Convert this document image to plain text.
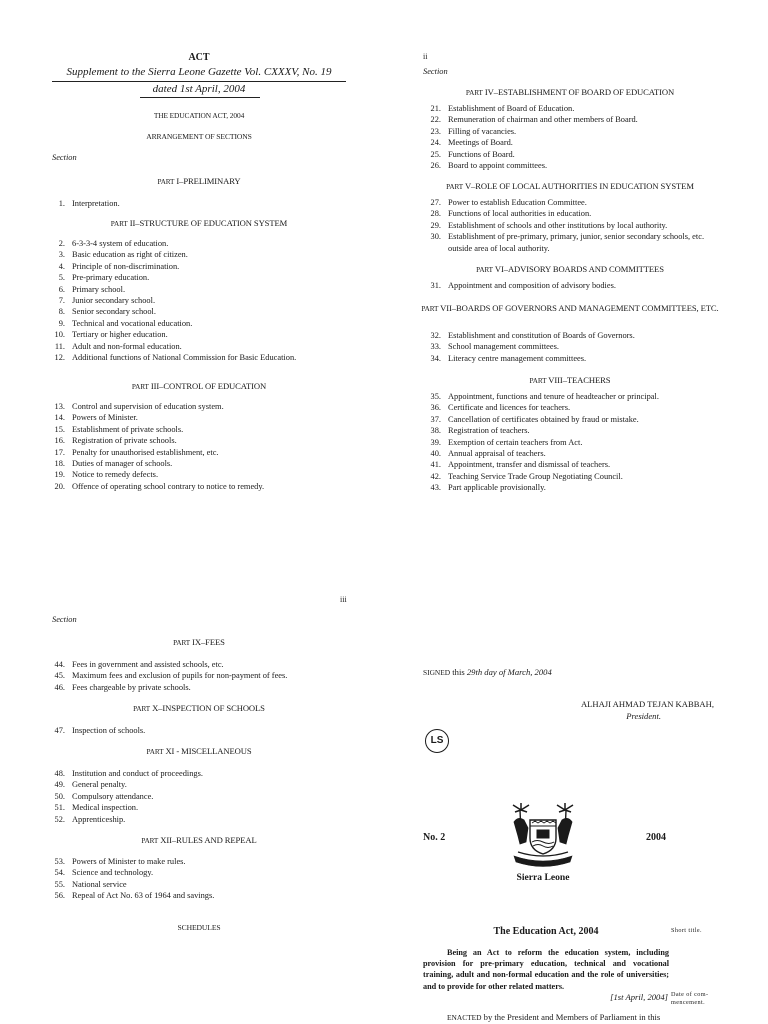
ACT
Supplement to the Sierra Leone Gazette Vol. CXXXV, No. 19
dated 1st April, 2004
THE EDUCATION ACT, 2004
ARRANGEMENT OF SECTIONS
Section
PART I–PRELIMINARY
1. Interpretation.
PART II–STRUCTURE OF EDUCATION SYSTEM
2. 6-3-3-4 system of education.
3. Basic education as right of citizen.
4. Principle of non-discrimination.
5. Pre-primary education.
6. Primary school.
7. Junior secondary school.
8. Senior secondary school.
9. Technical and vocational education.
10. Tertiary or higher education.
11. Adult and non-formal education.
12. Additional functions of National Commission for Basic Education.
PART III–CONTROL OF EDUCATION
13. Control and supervision of education system.
14. Powers of Minister.
15. Establishment of private schools.
16. Registration of private schools.
17. Penalty for unauthorised establishment, etc.
18. Duties of manager of schools.
19. Notice to remedy defects.
20. Offence of operating school contrary to notice to remedy.
ii
Section
PART IV–ESTABLISHMENT OF BOARD OF EDUCATION
21. Establishment of Board of Education.
22. Remuneration of chairman and other members of Board.
23. Filling of vacancies.
24. Meetings of Board.
25. Functions of Board.
26. Board to appoint committees.
PART V–ROLE OF LOCAL AUTHORITIES IN EDUCATION SYSTEM
27. Power to establish Education Committee.
28. Functions of local authorities in education.
29. Establishment of schools and other institutions by local authority.
30. Establishment of pre-primary, primary, junior, senior secondary schools, etc. outside area of local authority.
PART VI–ADVISORY BOARDS AND COMMITTEES
31. Appointment and composition of advisory bodies.
PART VII–BOARDS OF GOVERNORS AND MANAGEMENT COMMITTEES, ETC.
32. Establishment and constitution of Boards of Governors.
33. School management committees.
34. Literacy centre management committees.
PART VIII–TEACHERS
35. Appointment, functions and tenure of headteacher or principal.
36. Certificate and licences for teachers.
37. Cancellation of certificates obtained by fraud or mistake.
38. Registration of teachers.
39. Exemption of certain teachers from Act.
40. Annual appraisal of teachers.
41. Appointment, transfer and dismissal of teachers.
42. Teaching Service Trade Group Negotiating Council.
43. Part applicable provisionally.
iii
Section
PART IX–FEES
44. Fees in government and assisted schools, etc.
45. Maximum fees and exclusion of pupils for non-payment of fees.
46. Fees chargeable by private schools.
PART X–INSPECTION OF SCHOOLS
47. Inspection of schools.
PART XI - MISCELLANEOUS
48. Institution and conduct of proceedings.
49. General penalty.
50. Compulsory attendance.
51. Medical inspection.
52. Apprenticeship.
PART XII–RULES AND REPEAL
53. Powers of Minister to make rules.
54. Science and technology.
55. National service
56. Repeal of Act No. 63 of 1964 and savings.
SCHEDULES
SIGNED this 29th day of March, 2004
ALHAJI AHMAD TEJAN KABBAH,
President.
LS
No. 2	2004
Sierra Leone
The Education Act, 2004	Short title.
Being an Act to reform the education system, including provision for pre-primary education, technical and vocational training, adult and non-formal education and the role of universities; and to provide for other related matters.
[1st April, 2004] Date of com-mencement.
ENACTED by the President and Members of Parliament in this
